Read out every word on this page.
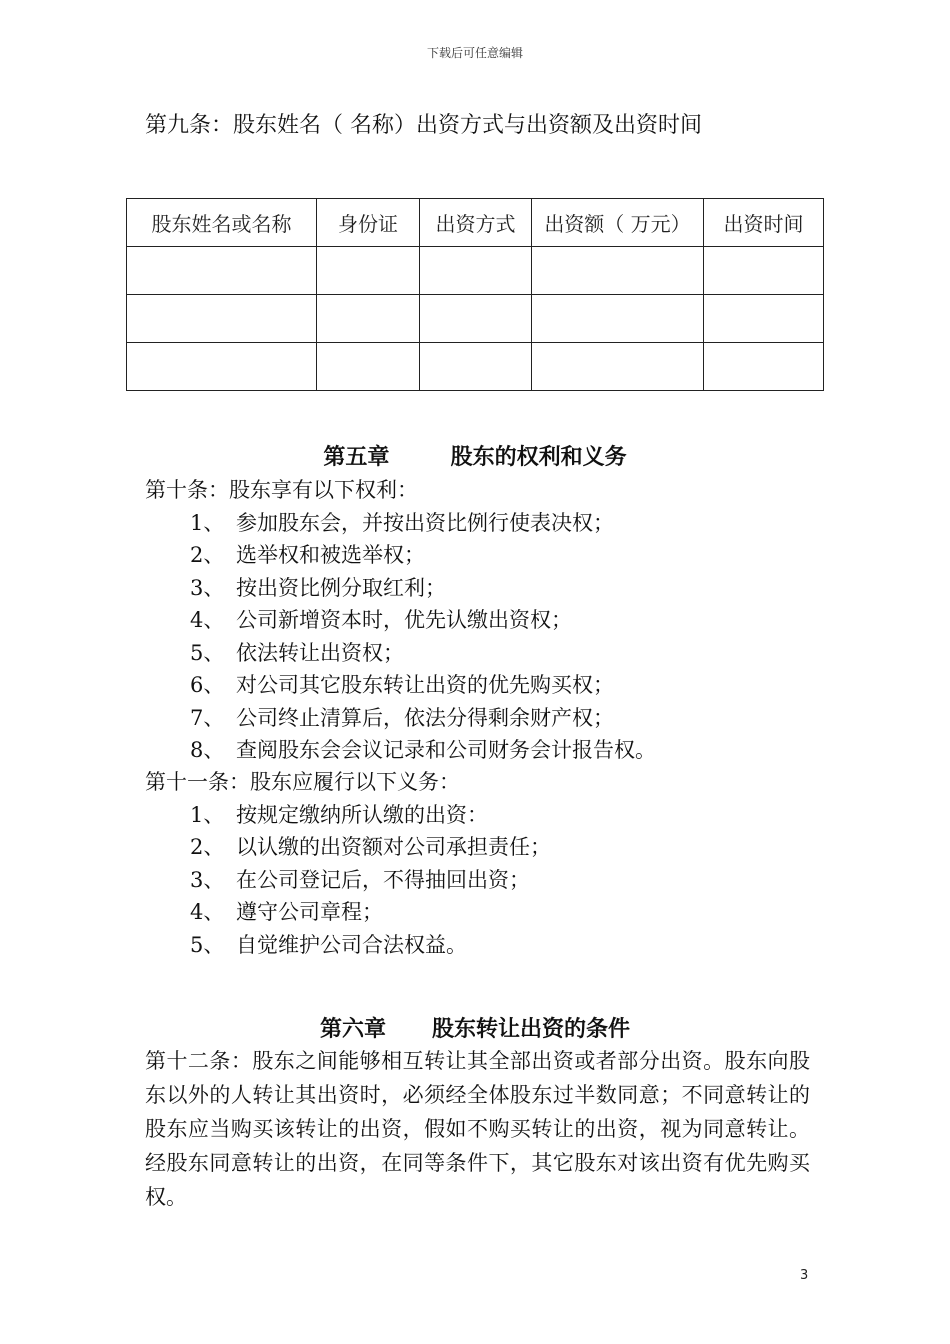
下载后可任意编辑
第九条：股东姓名（ 名称）出资方式与出资额及出资时间
股东姓名或名称	身份证	出资方式	出资额（ 万元）	出资时间

第五章        股东的权利和义务
第十条：股东享有以下权利：
1、 参加股东会，并按出资比例行使表决权；
2、 选举权和被选举权；
3、 按出资比例分取红利；
4、 公司新增资本时，优先认缴出资权；
5、 依法转让出资权；
6、 对公司其它股东转让出资的优先购买权；
7、 公司终止清算后，依法分得剩余财产权；
8、 查阅股东会会议记录和公司财务会计报告权。
第十一条：股东应履行以下义务：
1、 按规定缴纳所认缴的出资：
2、 以认缴的出资额对公司承担责任；
3、 在公司登记后，不得抽回出资；
4、 遵守公司章程；
5、 自觉维护公司合法权益。
第六章      股东转让出资的条件
第十二条：股东之间能够相互转让其全部出资或者部分出资。股东向股东以外的人转让其出资时，必须经全体股东过半数同意；不同意转让的股东应当购买该转让的出资，假如不购买转让的出资，视为同意转让。经股东同意转让的出资，在同等条件下，其它股东对该出资有优先购买权。
3
